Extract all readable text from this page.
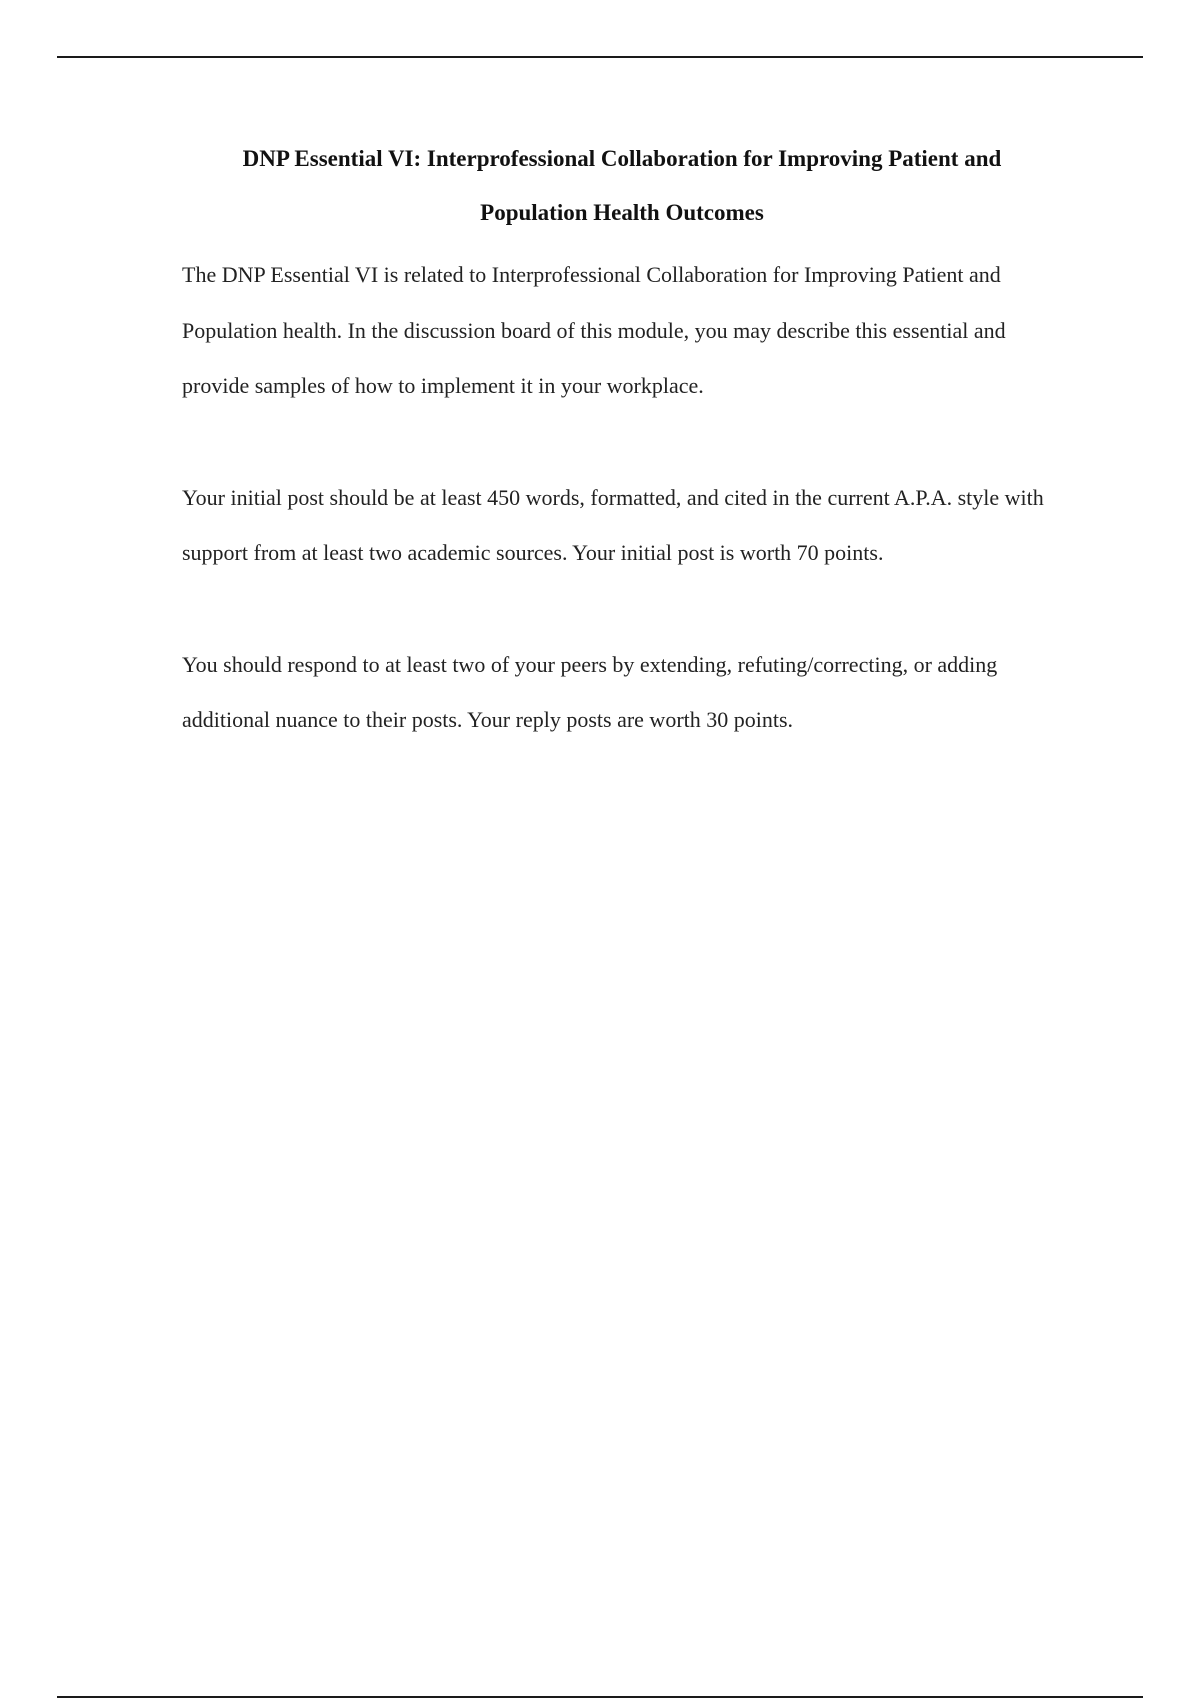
DNP Essential VI: Interprofessional Collaboration for Improving Patient and Population Health Outcomes

The DNP Essential VI is related to Interprofessional Collaboration for Improving Patient and Population health. In the discussion board of this module, you may describe this essential and provide samples of how to implement it in your workplace.

Your initial post should be at least 450 words, formatted, and cited in the current A.P.A. style with support from at least two academic sources. Your initial post is worth 70 points.

You should respond to at least two of your peers by extending, refuting/correcting, or adding additional nuance to their posts. Your reply posts are worth 30 points.
